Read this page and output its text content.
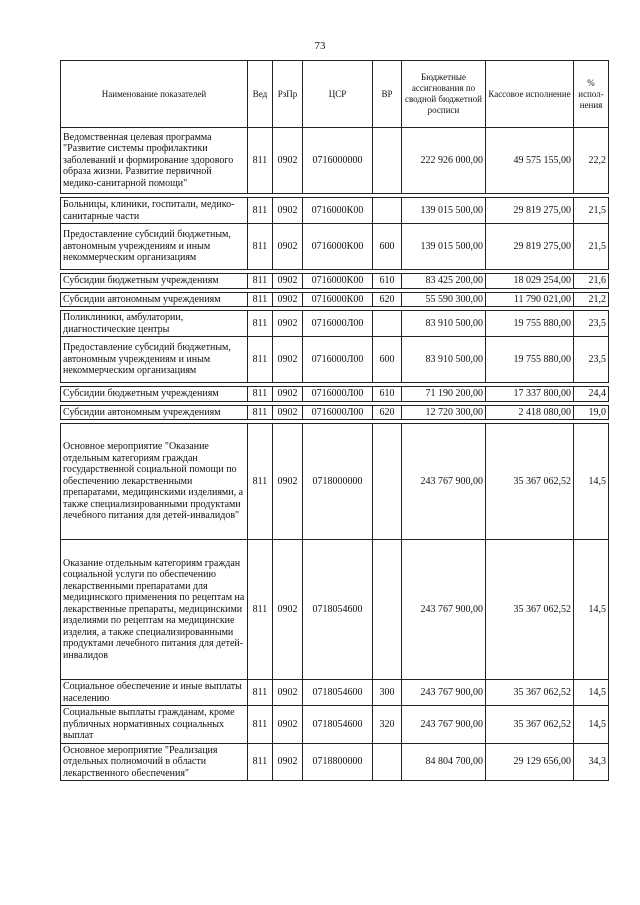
73
Наименование показателей	Вед	РзПр	ЦСР	ВР	Бюджетные ассигнования по сводной бюджетной росписи	Кассовое исполнение	% испол-нения
Ведомственная целевая программа "Развитие системы профилактики заболеваний и формирование здорового образа жизни. Развитие первичной медико-санитарной помощи"	811	0902	0716000000		222 926 000,00	49 575 155,00	22,2

Больницы, клиники, госпитали, медико-санитарные части	811	0902	0716000К00		139 015 500,00	29 819 275,00	21,5
Предоставление субсидий бюджетным, автономным учреждениям и иным некоммерческим организациям	811	0902	0716000К00	600	139 015 500,00	29 819 275,00	21,5

Субсидии бюджетным учреждениям	811	0902	0716000К00	610	83 425 200,00	18 029 254,00	21,6

Субсидии автономным учреждениям	811	0902	0716000К00	620	55 590 300,00	11 790 021,00	21,2

Поликлиники, амбулатории, диагностические центры	811	0902	0716000Л00		83 910 500,00	19 755 880,00	23,5
Предоставление субсидий бюджетным, автономным учреждениям и иным некоммерческим организациям	811	0902	0716000Л00	600	83 910 500,00	19 755 880,00	23,5

Субсидии бюджетным учреждениям	811	0902	0716000Л00	610	71 190 200,00	17 337 800,00	24,4

Субсидии автономным учреждениям	811	0902	0716000Л00	620	12 720 300,00	2 418 080,00	19,0

Основное мероприятие "Оказание отдельным категориям граждан государственной социальной помощи по обеспечению лекарственными препаратами, медицинскими изделиями, а также специализированными продуктами лечебного питания для детей-инвалидов"	811	0902	0718000000		243 767 900,00	35 367 062,52	14,5
Оказание отдельным категориям граждан социальной услуги по обеспечению лекарственными препаратами для медицинского применения по рецептам на лекарственные препараты, медицинскими изделиями по рецептам на медицинские изделия, а также специализированными продуктами лечебного питания для детей-инвалидов	811	0902	0718054600		243 767 900,00	35 367 062,52	14,5
Социальное обеспечение и иные выплаты населению	811	0902	0718054600	300	243 767 900,00	35 367 062,52	14,5
Социальные выплаты гражданам, кроме публичных нормативных социальных выплат	811	0902	0718054600	320	243 767 900,00	35 367 062,52	14,5
Основное мероприятие "Реализация отдельных полномочий в области лекарственного обеспечения"	811	0902	0718800000		84 804 700,00	29 129 656,00	34,3
